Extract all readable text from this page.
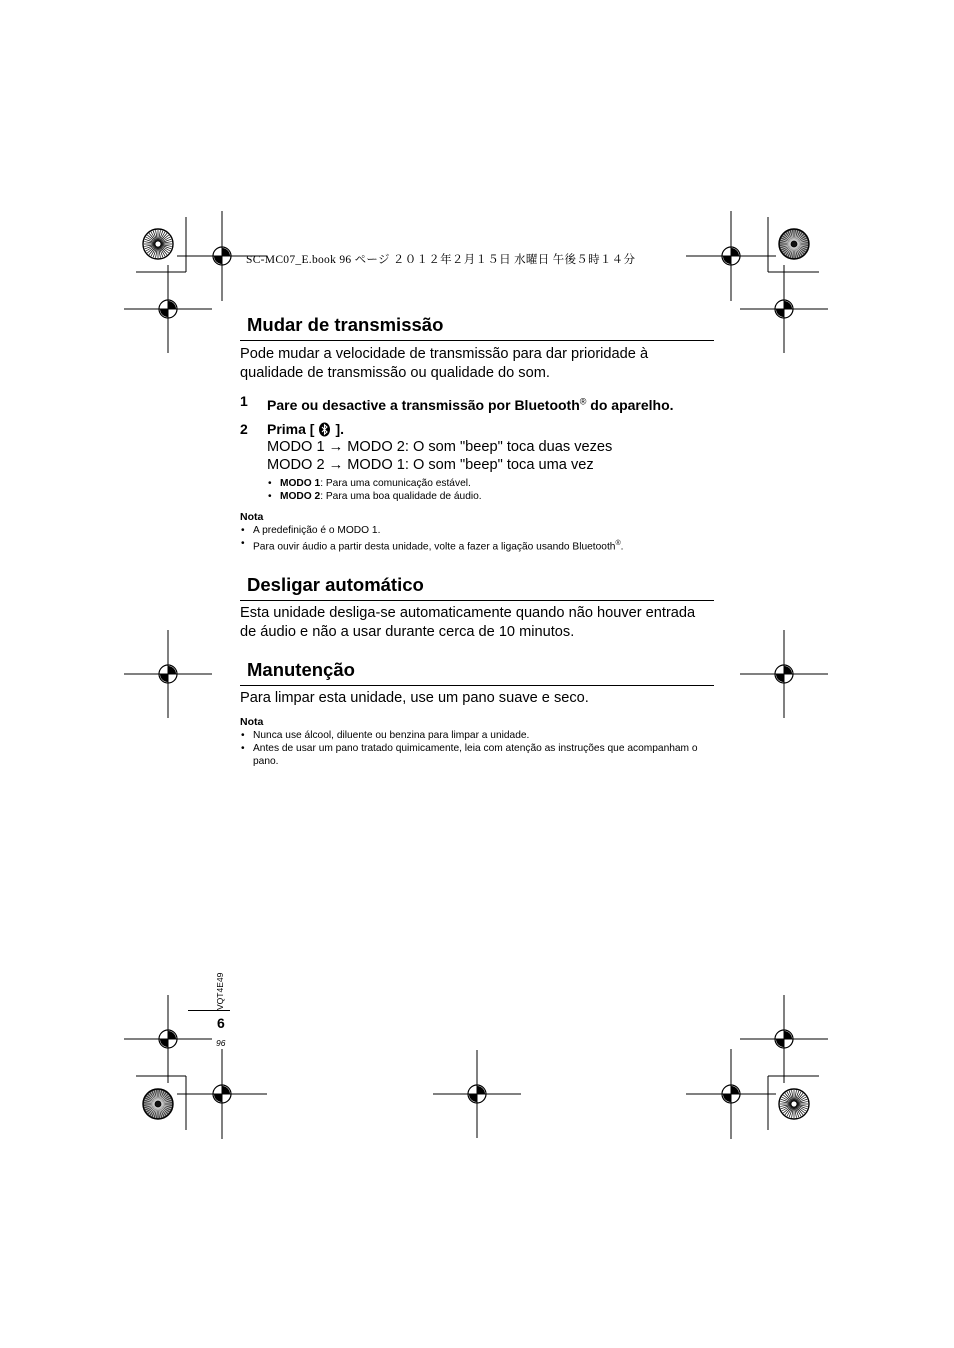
SC-MC07_E.book 96 ページ ２０１２年２月１５日 水曜日 午後５時１４分
Mudar de transmissão

Pode mudar a velocidade de transmissão para dar prioridade à qualidade de transmissão ou qualidade do som.

1 Pare ou desactive a transmissão por Bluetooth® do aparelho.
2 Prima [ ].
MODO 1 → MODO 2: O som "beep" toca duas vezes
MODO 2 → MODO 1: O som "beep" toca uma vez
• MODO 1: Para uma comunicação estável.
• MODO 2: Para uma boa qualidade de áudio.
Nota
• A predefinição é o MODO 1.
• Para ouvir áudio a partir desta unidade, volte a fazer a ligação usando Bluetooth®.
Desligar automático

Esta unidade desliga-se automaticamente quando não houver entrada de áudio e não a usar durante cerca de 10 minutos.

Manutenção

Para limpar esta unidade, use um pano suave e seco.

Nota
• Nunca use álcool, diluente ou benzina para limpar a unidade.
• Antes de usar um pano tratado quimicamente, leia com atenção as instruções que acompanham o pano.
VQT4E49
6
96
